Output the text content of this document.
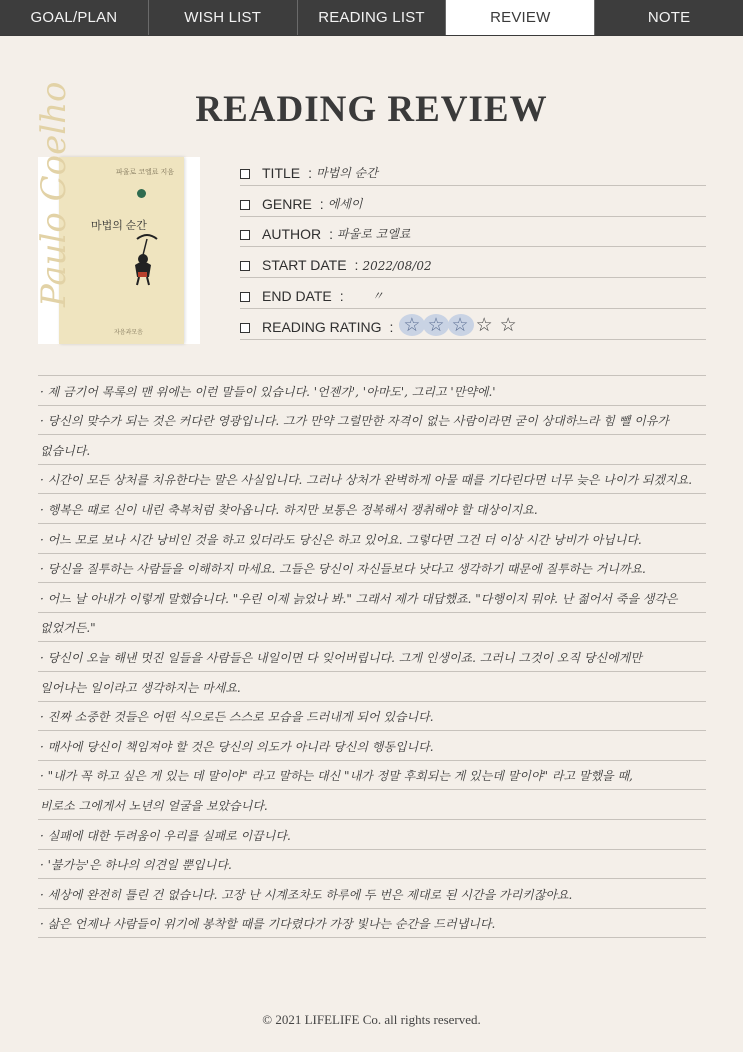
GOAL/PLAN	WISH LIST	READING LIST	REVIEW	NOTE
READING REVIEW
Paulo Coelho	파울로 코엘료 지음
마법의 순간
자음과모음
TITLE : 마법의 순간
GENRE : 에세이
AUTHOR : 파울로 코엘료
START DATE : 2022/08/02
END DATE : 〃
READING RATING : ☆ ☆ ☆ ☆ ☆
· 제 금기어 목록의 맨 위에는 이런 말들이 있습니다. '언젠가', '아마도', 그리고 '만약에.'
· 당신의 맞수가 되는 것은 커다란 영광입니다. 그가 만약 그럴만한 자격이 없는 사람이라면 굳이 상대하느라 힘 뺄 이유가
없습니다.
· 시간이 모든 상처를 치유한다는 말은 사실입니다. 그러나 상처가 완벽하게 아물 때를 기다린다면 너무 늦은 나이가 되겠지요.
· 행복은 때로 신이 내린 축복처럼 찾아옵니다. 하지만 보통은 정복해서 쟁취해야 할 대상이지요.
· 어느 모로 보나 시간 낭비인 것을 하고 있더라도 당신은 하고 있어요. 그렇다면 그건 더 이상 시간 낭비가 아닙니다.
· 당신을 질투하는 사람들을 이해하지 마세요. 그들은 당신이 자신들보다 낫다고 생각하기 때문에 질투하는 거니까요.
· 어느 날 아내가 이렇게 말했습니다. "우린 이제 늙었나 봐." 그래서 제가 대답했죠. "다행이지 뭐야. 난 젊어서 죽을 생각은
없었거든."
· 당신이 오늘 해낸 멋진 일들을 사람들은 내일이면 다 잊어버립니다. 그게 인생이죠. 그러니 그것이 오직 당신에게만
일어나는 일이라고 생각하지는 마세요.
· 진짜 소중한 것들은 어떤 식으로든 스스로 모습을 드러내게 되어 있습니다.
· 매사에 당신이 책임져야 할 것은 당신의 의도가 아니라 당신의 행동입니다.
· "내가 꼭 하고 싶은 게 있는 데 말이야" 라고 말하는 대신 "내가 정말 후회되는 게 있는데 말이야" 라고 말했을 때,
비로소 그에게서 노년의 얼굴을 보았습니다.
· 실패에 대한 두려움이 우리를 실패로 이끕니다.
· '불가능'은 하나의 의견일 뿐입니다.
· 세상에 완전히 틀린 건 없습니다. 고장 난 시계조차도 하루에 두 번은 제대로 된 시간을 가리키잖아요.
· 삶은 언제나 사람들이 위기에 봉착할 때를 기다렸다가 가장 빛나는 순간을 드러냅니다.
© 2021 LIFELIFE Co. all rights reserved.
